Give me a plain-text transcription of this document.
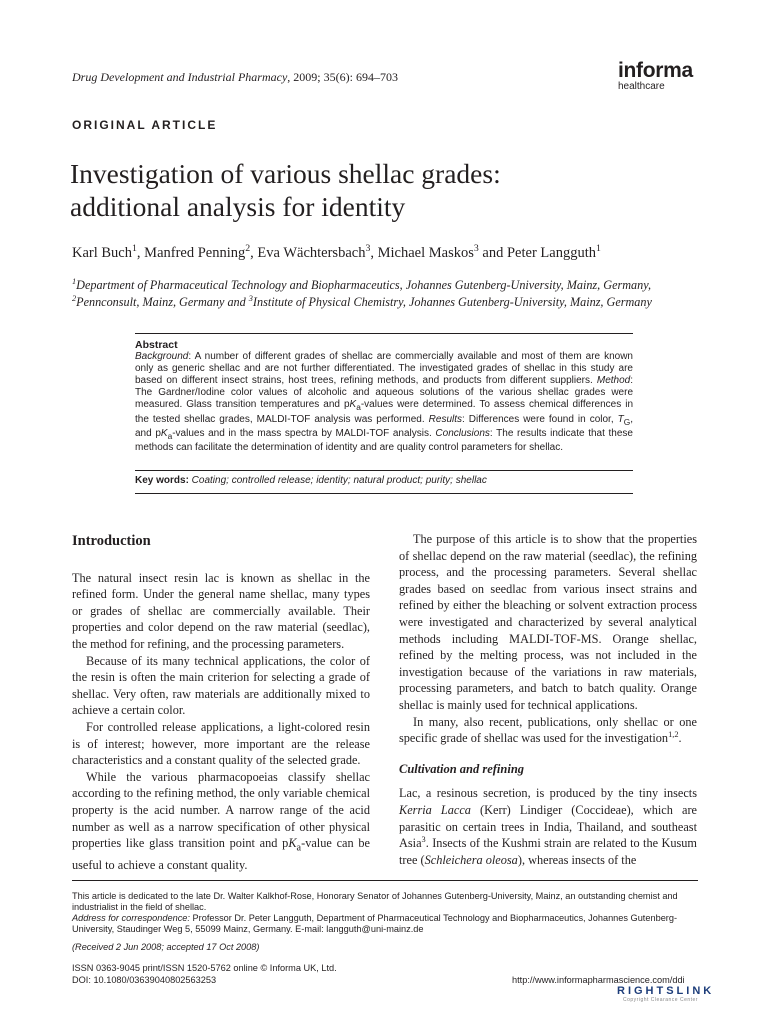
Drug Development and Industrial Pharmacy, 2009; 35(6): 694–703	informa
healthcare
ORIGINAL ARTICLE
Investigation of various shellac grades:
additional analysis for identity
Karl Buch$^1$, Manfred Penning$^2$, Eva Wächtersbach$^3$, Michael Maskos$^3$ and Peter Langguth$^1$
$^1$Department of Pharmaceutical Technology and Biopharmaceutics, Johannes Gutenberg-University, Mainz, Germany,
$^2$Pennconsult, Mainz, Germany and $^3$Institute of Physical Chemistry, Johannes Gutenberg-University, Mainz, Germany
Abstract
Background: A number of different grades of shellac are commercially available and most of them are known only as generic shellac and are not further differentiated. The investigated grades of shellac in this study are based on different insect strains, host trees, refining methods, and products from different suppliers. Method: The Gardner/Iodine color values of alcoholic and aqueous solutions of the various shellac grades were measured. Glass transition temperatures and $pK_a$-values were determined. To assess chemical differences in the tested shellac grades, MALDI-TOF analysis was performed. Results: Differences were found in color, $T_G$, and $pK_a$-values and in the mass spectra by MALDI-TOF analysis. Conclusions: The results indicate that these methods can facilitate the determination of identity and are quality control parameters for shellac.
Key words: Coating; controlled release; identity; natural product; purity; shellac
Introduction

The natural insect resin lac is known as shellac in the refined form. Under the general name shellac, many types or grades of shellac are commercially available. Their properties and color depend on the raw material (seedlac), the method for refining, and the processing parameters.

Because of its many technical applications, the color of the resin is often the main criterion for selecting a grade of shellac. Very often, raw materials are additionally mixed to achieve a certain color.

For controlled release applications, a light-colored resin is of interest; however, more important are the release characteristics and a constant quality of the selected grade.

While the various pharmacopoeias classify shellac according to the refining method, the only variable chemical property is the acid number. A narrow range of the acid number as well as a narrow specification of other physical properties like glass transition point and $pK_a$-value can be useful to achieve a constant quality.

The purpose of this article is to show that the properties of shellac depend on the raw material (seedlac), the refining process, and the processing parameters. Several shellac grades based on seedlac from various insect strains and refined by either the bleaching or solvent extraction process were investigated and characterized by several analytical methods including MALDI-TOF-MS. Orange shellac, refined by the melting process, was not included in the investigation because of the variations in raw materials, processing parameters, and batch to batch quality. Orange shellac is mainly used for technical applications.

In many, also recent, publications, only shellac or one specific grade of shellac was used for the investigation$^{1,2}$.

Cultivation and refining

Lac, a resinous secretion, is produced by the tiny insects Kerria Lacca (Kerr) Lindiger (Coccideae), which are parasitic on certain trees in India, Thailand, and southeast Asia$^3$. Insects of the Kushmi strain are related to the Kusum tree (Schleichera oleosa), whereas insects of the

This article is dedicated to the late Dr. Walter Kalkhof-Rose, Honorary Senator of Johannes Gutenberg-University, Mainz, an outstanding chemist and industrialist in the field of shellac.

Address for correspondence: Professor Dr. Peter Langguth, Department of Pharmaceutical Technology and Biopharmaceutics, Johannes Gutenberg-University, Staudinger Weg 5, 55099 Mainz, Germany. E-mail: langguth@uni-mainz.de

(Received 2 Jun 2008; accepted 17 Oct 2008)
ISSN 0363-9045 print/ISSN 1520-5762 online © Informa UK, Ltd.
DOI: 10.1080/03639040802563253	http://www.informapharmascience.com/ddi
RIGHTSLINK
Copyright Clearance Center
